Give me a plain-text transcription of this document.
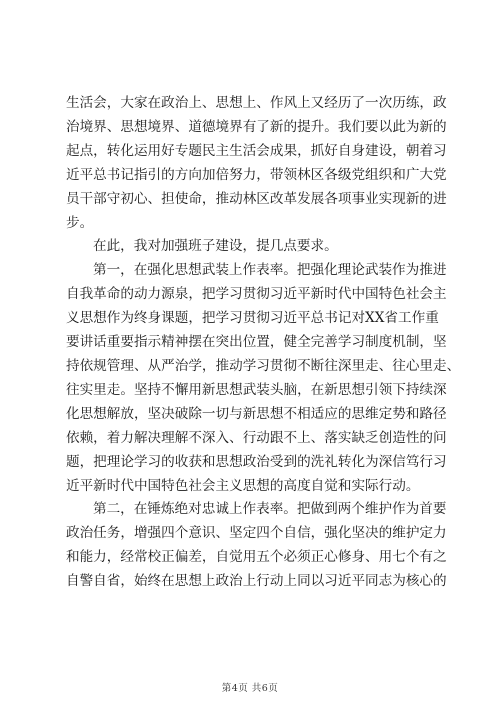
生活会，大家在政治上、思想上、作风上又经历了一次历练，政
治境界、思想境界、道德境界有了新的提升。我们要以此为新的
起点，转化运用好专题民主生活会成果，抓好自身建设，朝着习
近平总书记指引的方向加倍努力，带领林区各级党组织和广大党
员干部守初心、担使命，推动林区改革发展各项事业实现新的进
步。
在此，我对加强班子建设，提几点要求。
第一，在强化思想武装上作表率。把强化理论武装作为推进
自我革命的动力源泉，把学习贯彻习近平新时代中国特色社会主
义思想作为终身课题，把学习贯彻习近平总书记对XX省工作重
要讲话重要指示精神摆在突出位置，健全完善学习制度机制，坚
持依规管理、从严治学，推动学习贯彻不断往深里走、往心里走、
往实里走。坚持不懈用新思想武装头脑，在新思想引领下持续深
化思想解放，坚决破除一切与新思想不相适应的思维定势和路径
依赖，着力解决理解不深入、行动跟不上、落实缺乏创造性的问
题，把理论学习的收获和思想政治受到的洗礼转化为深信笃行习
近平新时代中国特色社会主义思想的高度自觉和实际行动。
第二，在锤炼绝对忠诚上作表率。把做到两个维护作为首要
政治任务，增强四个意识、坚定四个自信，强化坚决的维护定力
和能力，经常校正偏差，自觉用五个必须正心修身、用七个有之
自警自省，始终在思想上政治上行动上同以习近平同志为核心的
第4页 共6页
